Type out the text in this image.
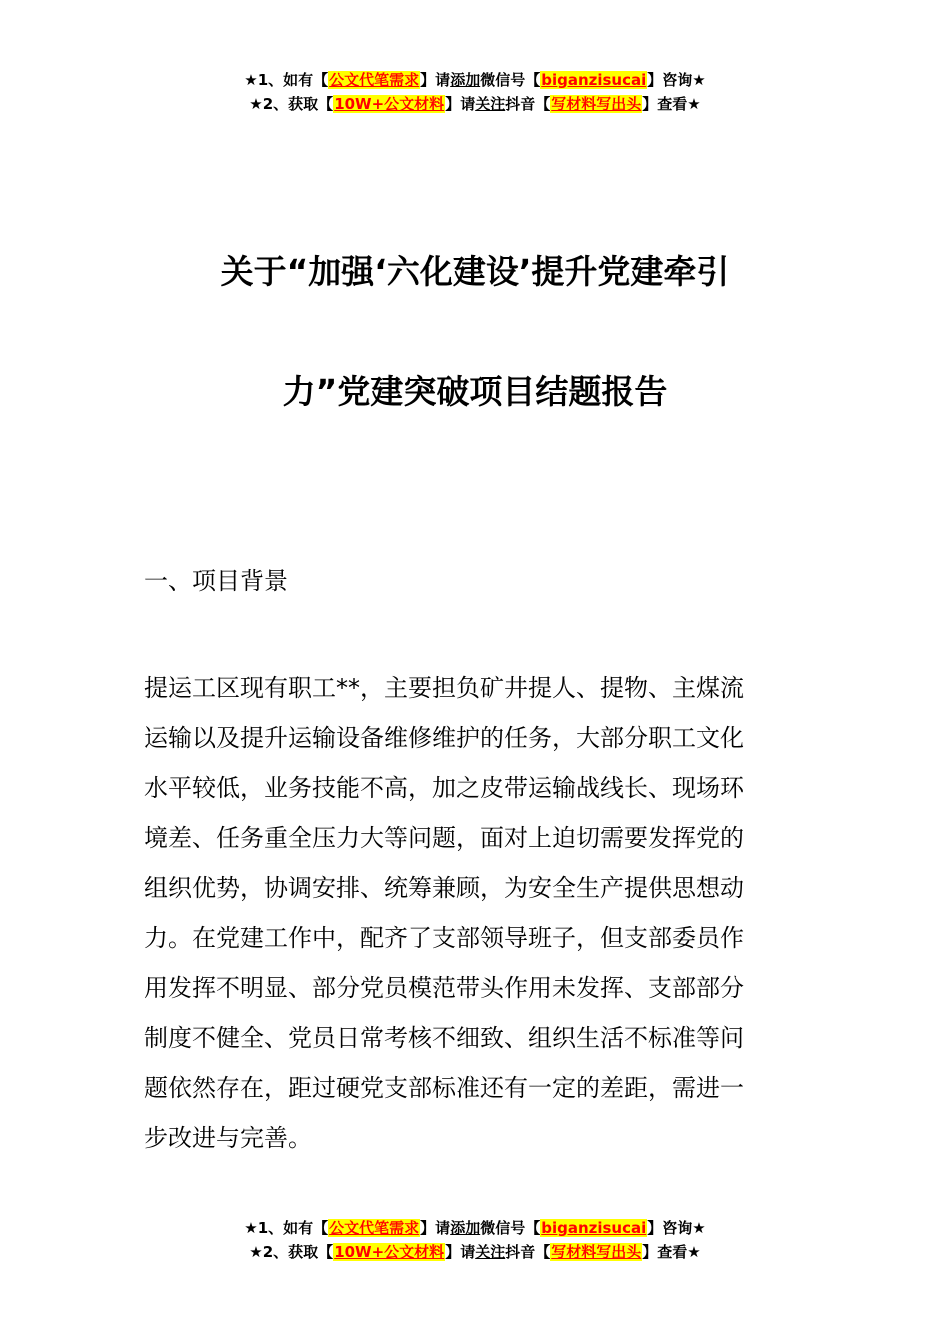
★1、如有【公文代笔需求】请添加微信号【biganzisucai】咨询★
★2、获取【10W+公文材料】请关注抖音【写材料写出头】查看★
关于“加强‘六化建设’提升党建牵引
力”党建突破项目结题报告
一、项目背景
提运工区现有职工**，主要担负矿井提人、提物、主煤流
运输以及提升运输设备维修维护的任务，大部分职工文化
水平较低，业务技能不高，加之皮带运输战线长、现场环
境差、任务重全压力大等问题，面对上迫切需要发挥党的
组织优势，协调安排、统筹兼顾，为安全生产提供思想动
力。在党建工作中，配齐了支部领导班子，但支部委员作
用发挥不明显、部分党员模范带头作用未发挥、支部部分
制度不健全、党员日常考核不细致、组织生活不标准等问
题依然存在，距过硬党支部标准还有一定的差距，需进一
步改进与完善。
★1、如有【公文代笔需求】请添加微信号【biganzisucai】咨询★
★2、获取【10W+公文材料】请关注抖音【写材料写出头】查看★
